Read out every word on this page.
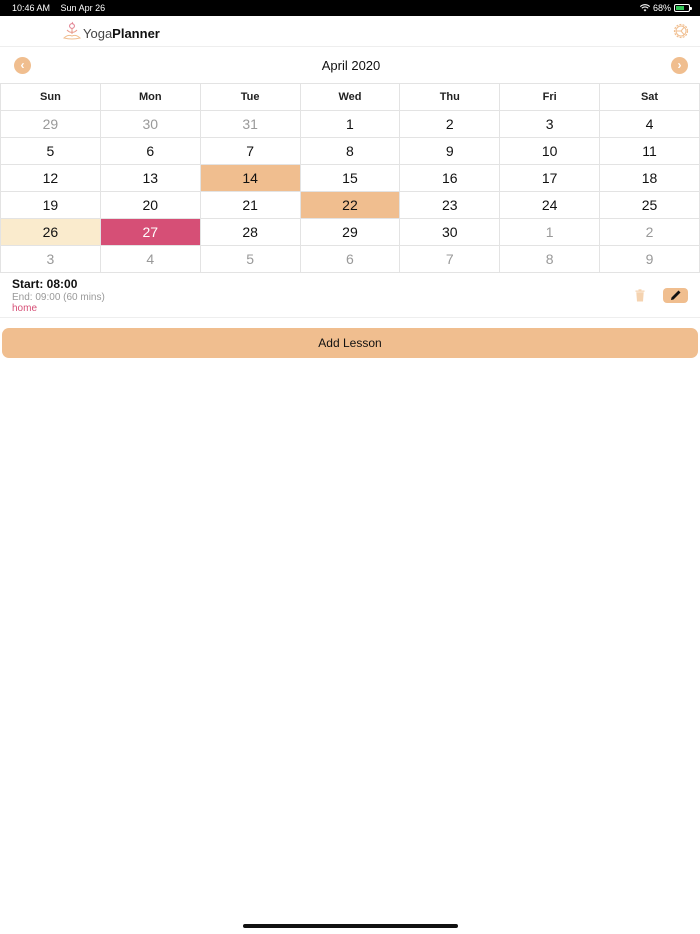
10:46 AM Sun Apr 26	68%
Yoga Planner
‹	April 2020	›
Sun	Mon	Tue	Wed	Thu	Fri	Sat
29	30	31	1	2	3	4
5	6	7	8	9	10	11
12	13	14	15	16	17	18
19	20	21	22	23	24	25
26	27	28	29	30	1	2
3	4	5	6	7	8	9
Start: 08:00
End: 09:00 (60 mins)
home
Add Lesson
